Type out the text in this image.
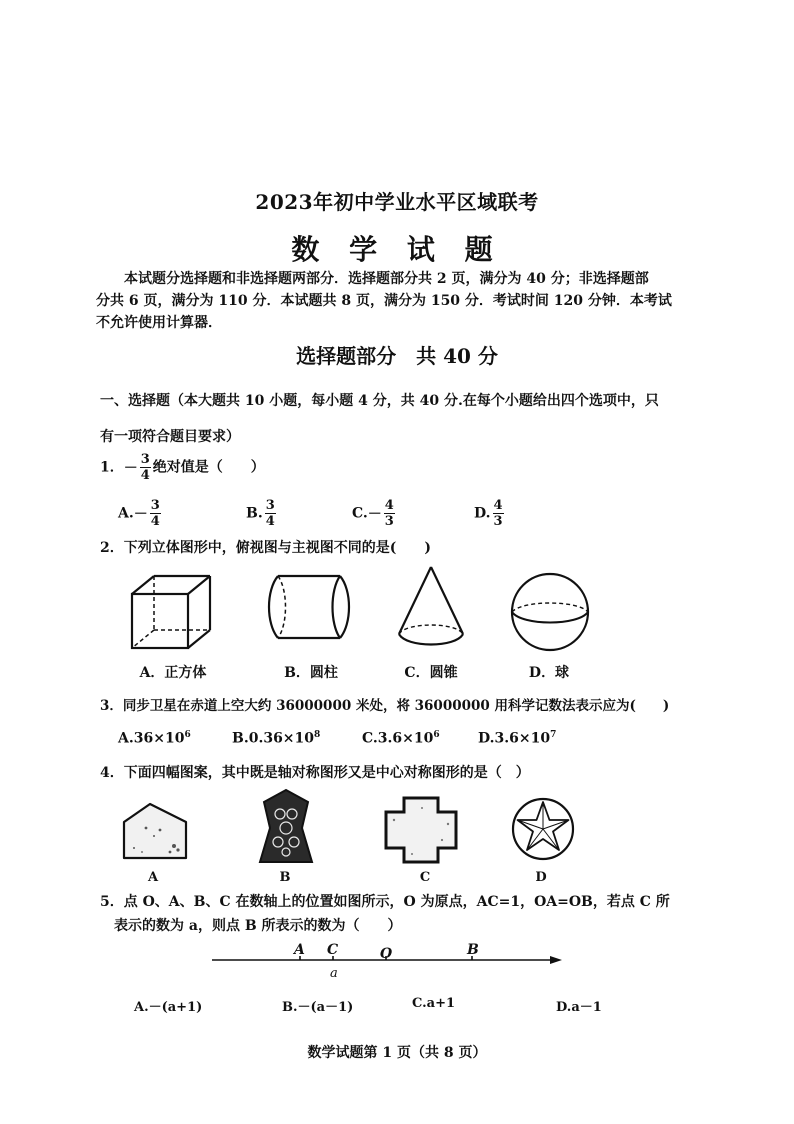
2023年初中学业水平区域联考
数 学 试 题

本试题分选择题和非选择题两部分．选择题部分共 2 页，满分为 40 分；非选择题部

分共 6 页，满分为 110 分．本试题共 8 页，满分为 150 分．考试时间 120 分钟．本考试

不允许使用计算器．

选择题部分　共 40 分
一、选择题（本大题共 10 小题，每小题 4 分，共 40 分.在每个小题给出四个选项中，只
有一项符合题目要求）
1．－ $\frac{3}{4}$ 绝对值是（　　）
$A.- \frac{3}{4}$	B. $\frac{3}{4}$	$C.- \frac{4}{3}$	D. $\frac{4}{3}$
2．下列立体图形中，俯视图与主视图不同的是(　　)
A．正方体	B．圆柱	C．圆锥	D．球
3．同步卫星在赤道上空大约 36000000 米处，将 36000000 用科学记数法表示应为(　　)
$A.36\times 10^6$	$B.0.36\times 10^8$	$C.3.6\times 10^6$	$D.3.6\times 10^7$
4．下面四幅图案，其中既是轴对称图形又是中心对称图形的是（　）
A	B	C	D
5．点 O、A、B、C 在数轴上的位置如图所示，O 为原点，AC=1，OA=OB，若点 C 所
表示的数为 a，则点 B 所表示的数为（　　）
A C	O	B
a
A.－(a+1)	B.－(a－1)	C.a+1	D.a－1
数学试题第 1 页（共 8 页）
